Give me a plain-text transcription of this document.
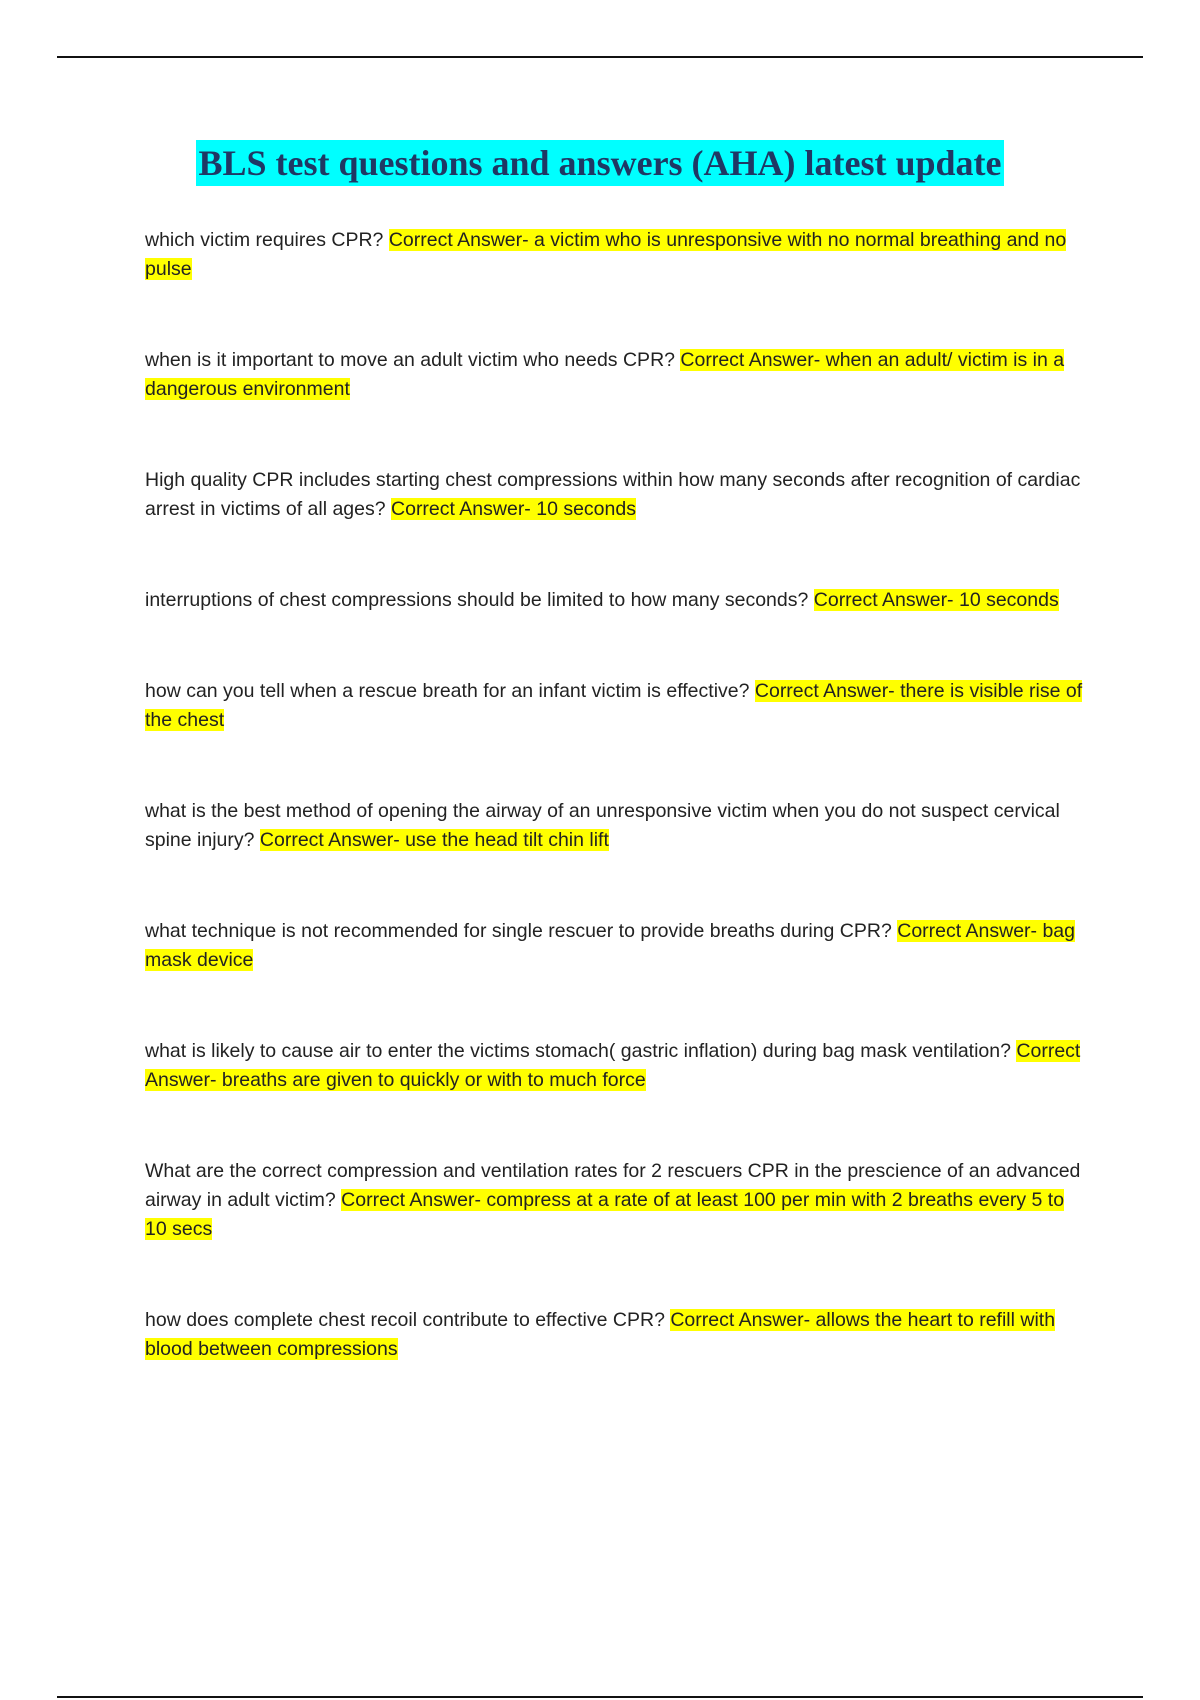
BLS test questions and answers (AHA) latest update
which victim requires CPR? Correct Answer- a victim who is unresponsive with no normal breathing and no pulse
when is it important to move an adult victim who needs CPR? Correct Answer- when an adult/ victim is in a dangerous environment
High quality CPR includes starting chest compressions within how many seconds after recognition of cardiac arrest in victims of all ages? Correct Answer- 10 seconds
interruptions of chest compressions should be limited to how many seconds? Correct Answer- 10 seconds
how can you tell when a rescue breath for an infant victim is effective? Correct Answer- there is visible rise of the chest
what is the best method of opening the airway of an unresponsive victim when you do not suspect cervical spine injury? Correct Answer- use the head tilt chin lift
what technique is not recommended for single rescuer to provide breaths during CPR? Correct Answer- bag mask device
what is likely to cause air to enter the victims stomach( gastric inflation) during bag mask ventilation? Correct Answer- breaths are given to quickly or with to much force
What are the correct compression and ventilation rates for 2 rescuers CPR in the prescience of an advanced airway in adult victim? Correct Answer- compress at a rate of at least 100 per min with 2 breaths every 5 to 10 secs
how does complete chest recoil contribute to effective CPR? Correct Answer- allows the heart to refill with blood between compressions
